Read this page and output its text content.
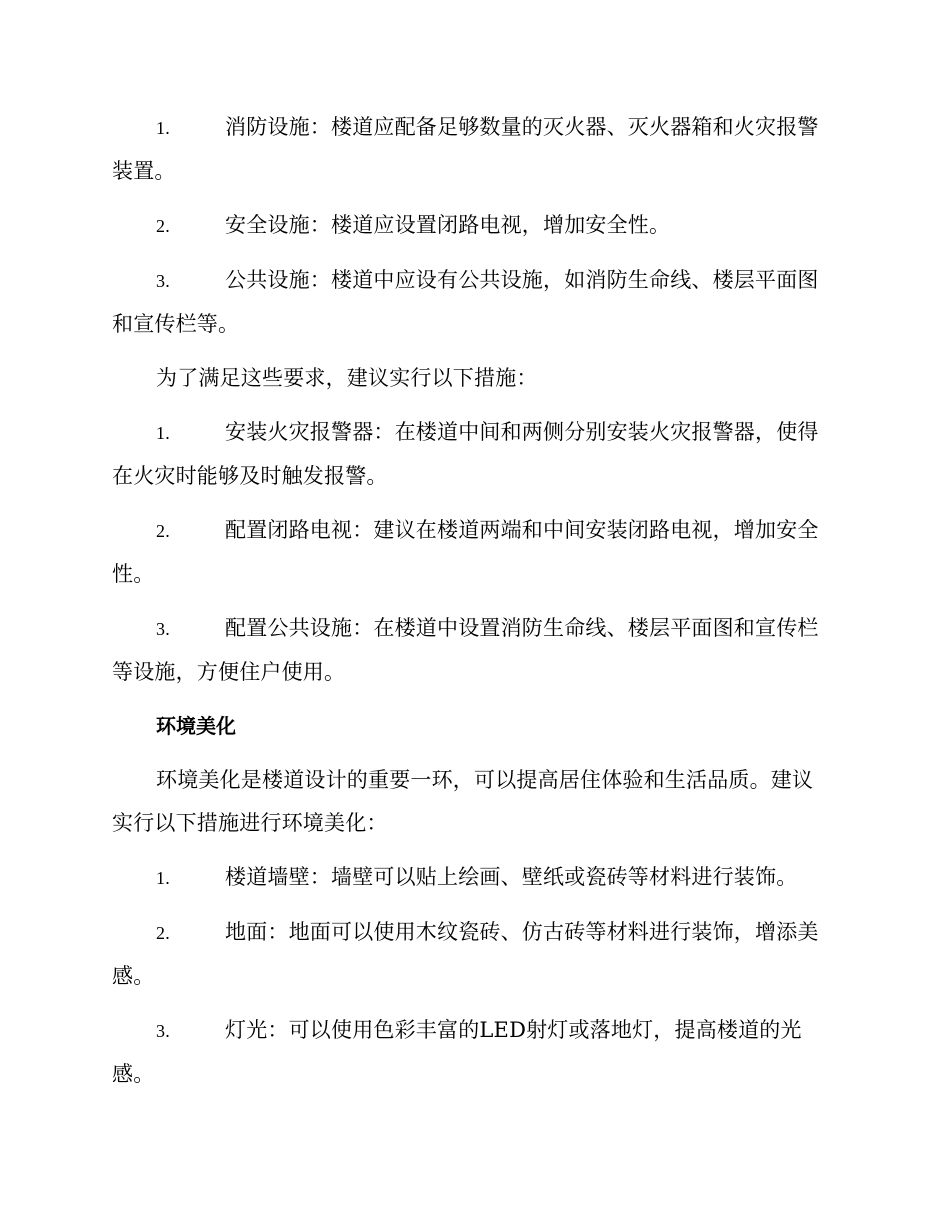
1.	消防设施：楼道应配备足够数量的灭火器、灭火器箱和火灾报警装置。
2.	安全设施：楼道应设置闭路电视，增加安全性。
3.	公共设施：楼道中应设有公共设施，如消防生命线、楼层平面图和宣传栏等。
为了满足这些要求，建议实行以下措施：
1.	安装火灾报警器：在楼道中间和两侧分别安装火灾报警器，使得在火灾时能够及时触发报警。
2.	配置闭路电视：建议在楼道两端和中间安装闭路电视，增加安全性。
3.	配置公共设施：在楼道中设置消防生命线、楼层平面图和宣传栏等设施，方便住户使用。
环境美化
环境美化是楼道设计的重要一环，可以提高居住体验和生活品质。建议实行以下措施进行环境美化：
1.	楼道墙壁：墙壁可以贴上绘画、壁纸或瓷砖等材料进行装饰。
2.	地面：地面可以使用木纹瓷砖、仿古砖等材料进行装饰，增添美感。
3.	灯光：可以使用色彩丰富的LED射灯或落地灯，提高楼道的光感。
